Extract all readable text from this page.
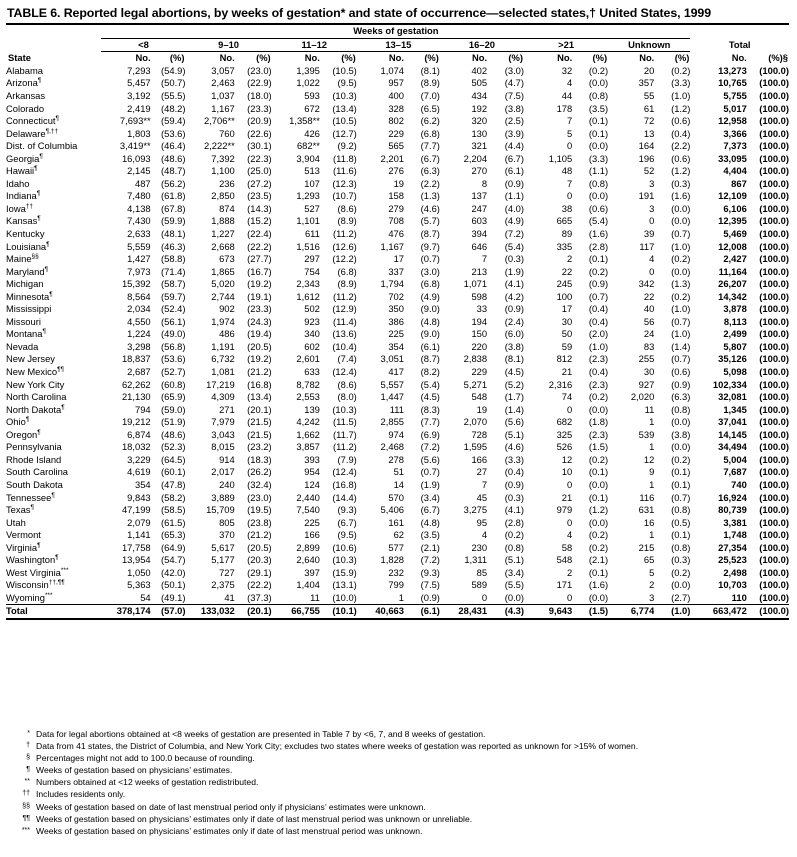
TABLE 6. Reported legal abortions, by weeks of gestation* and state of occurrence—selected states,† United States, 1999
	Weeks of gestation															
	<8		9–10		11–12		13–15		16–20		>21		Unknown		Total	
State	No.	(%)	No.	(%)	No.	(%)	No.	(%)	No.	(%)	No.	(%)	No.	(%)	No.	(%)§
Alabama	7,293	(54.9)	3,057	(23.0)	1,395	(10.5)	1,074	(8.1)	402	(3.0)	32	(0.2)	20	(0.2)	13,273	(100.0)
Arizona¶	5,457	(50.7)	2,463	(22.9)	1,022	(9.5)	957	(8.9)	505	(4.7)	4	(0.0)	357	(3.3)	10,765	(100.0)
Arkansas	3,192	(55.5)	1,037	(18.0)	593	(10.3)	400	(7.0)	434	(7.5)	44	(0.8)	55	(1.0)	5,755	(100.0)
Colorado	2,419	(48.2)	1,167	(23.3)	672	(13.4)	328	(6.5)	192	(3.8)	178	(3.5)	61	(1.2)	5,017	(100.0)
Connecticut¶	7,693**	(59.4)	2,706**	(20.9)	1,358**	(10.5)	802	(6.2)	320	(2.5)	7	(0.1)	72	(0.6)	12,958	(100.0)
Delaware¶,††	1,803	(53.6)	760	(22.6)	426	(12.7)	229	(6.8)	130	(3.9)	5	(0.1)	13	(0.4)	3,366	(100.0)
Dist. of Columbia	3,419**	(46.4)	2,222**	(30.1)	682**	(9.2)	565	(7.7)	321	(4.4)	0	(0.0)	164	(2.2)	7,373	(100.0)
Georgia¶	16,093	(48.6)	7,392	(22.3)	3,904	(11.8)	2,201	(6.7)	2,204	(6.7)	1,105	(3.3)	196	(0.6)	33,095	(100.0)
Hawaii¶	2,145	(48.7)	1,100	(25.0)	513	(11.6)	276	(6.3)	270	(6.1)	48	(1.1)	52	(1.2)	4,404	(100.0)
Idaho	487	(56.2)	236	(27.2)	107	(12.3)	19	(2.2)	8	(0.9)	7	(0.8)	3	(0.3)	867	(100.0)
Indiana¶	7,480	(61.8)	2,850	(23.5)	1,293	(10.7)	158	(1.3)	137	(1.1)	0	(0.0)	191	(1.6)	12,109	(100.0)
Iowa††	4,138	(67.8)	874	(14.3)	527	(8.6)	279	(4.6)	247	(4.0)	38	(0.6)	3	(0.0)	6,106	(100.0)
Kansas¶	7,430	(59.9)	1,888	(15.2)	1,101	(8.9)	708	(5.7)	603	(4.9)	665	(5.4)	0	(0.0)	12,395	(100.0)
Kentucky	2,633	(48.1)	1,227	(22.4)	611	(11.2)	476	(8.7)	394	(7.2)	89	(1.6)	39	(0.7)	5,469	(100.0)
Louisiana¶	5,559	(46.3)	2,668	(22.2)	1,516	(12.6)	1,167	(9.7)	646	(5.4)	335	(2.8)	117	(1.0)	12,008	(100.0)
Maine§§	1,427	(58.8)	673	(27.7)	297	(12.2)	17	(0.7)	7	(0.3)	2	(0.1)	4	(0.2)	2,427	(100.0)
Maryland¶	7,973	(71.4)	1,865	(16.7)	754	(6.8)	337	(3.0)	213	(1.9)	22	(0.2)	0	(0.0)	11,164	(100.0)
Michigan	15,392	(58.7)	5,020	(19.2)	2,343	(8.9)	1,794	(6.8)	1,071	(4.1)	245	(0.9)	342	(1.3)	26,207	(100.0)
Minnesota¶	8,564	(59.7)	2,744	(19.1)	1,612	(11.2)	702	(4.9)	598	(4.2)	100	(0.7)	22	(0.2)	14,342	(100.0)
Mississippi	2,034	(52.4)	902	(23.3)	502	(12.9)	350	(9.0)	33	(0.9)	17	(0.4)	40	(1.0)	3,878	(100.0)
Missouri	4,550	(56.1)	1,974	(24.3)	923	(11.4)	386	(4.8)	194	(2.4)	30	(0.4)	56	(0.7)	8,113	(100.0)
Montana¶	1,224	(49.0)	486	(19.4)	340	(13.6)	225	(9.0)	150	(6.0)	50	(2.0)	24	(1.0)	2,499	(100.0)
Nevada	3,298	(56.8)	1,191	(20.5)	602	(10.4)	354	(6.1)	220	(3.8)	59	(1.0)	83	(1.4)	5,807	(100.0)
New Jersey	18,837	(53.6)	6,732	(19.2)	2,601	(7.4)	3,051	(8.7)	2,838	(8.1)	812	(2.3)	255	(0.7)	35,126	(100.0)
New Mexico¶¶	2,687	(52.7)	1,081	(21.2)	633	(12.4)	417	(8.2)	229	(4.5)	21	(0.4)	30	(0.6)	5,098	(100.0)
New York City	62,262	(60.8)	17,219	(16.8)	8,782	(8.6)	5,557	(5.4)	5,271	(5.2)	2,316	(2.3)	927	(0.9)	102,334	(100.0)
North Carolina	21,130	(65.9)	4,309	(13.4)	2,553	(8.0)	1,447	(4.5)	548	(1.7)	74	(0.2)	2,020	(6.3)	32,081	(100.0)
North Dakota¶	794	(59.0)	271	(20.1)	139	(10.3)	111	(8.3)	19	(1.4)	0	(0.0)	11	(0.8)	1,345	(100.0)
Ohio¶	19,212	(51.9)	7,979	(21.5)	4,242	(11.5)	2,855	(7.7)	2,070	(5.6)	682	(1.8)	1	(0.0)	37,041	(100.0)
Oregon¶	6,874	(48.6)	3,043	(21.5)	1,662	(11.7)	974	(6.9)	728	(5.1)	325	(2.3)	539	(3.8)	14,145	(100.0)
Pennsylvania	18,032	(52.3)	8,015	(23.2)	3,857	(11.2)	2,468	(7.2)	1,595	(4.6)	526	(1.5)	1	(0.0)	34,494	(100.0)
Rhode Island	3,229	(64.5)	914	(18.3)	393	(7.9)	278	(5.6)	166	(3.3)	12	(0.2)	12	(0.2)	5,004	(100.0)
South Carolina	4,619	(60.1)	2,017	(26.2)	954	(12.4)	51	(0.7)	27	(0.4)	10	(0.1)	9	(0.1)	7,687	(100.0)
South Dakota	354	(47.8)	240	(32.4)	124	(16.8)	14	(1.9)	7	(0.9)	0	(0.0)	1	(0.1)	740	(100.0)
Tennessee¶	9,843	(58.2)	3,889	(23.0)	2,440	(14.4)	570	(3.4)	45	(0.3)	21	(0.1)	116	(0.7)	16,924	(100.0)
Texas¶	47,199	(58.5)	15,709	(19.5)	7,540	(9.3)	5,406	(6.7)	3,275	(4.1)	979	(1.2)	631	(0.8)	80,739	(100.0)
Utah	2,079	(61.5)	805	(23.8)	225	(6.7)	161	(4.8)	95	(2.8)	0	(0.0)	16	(0.5)	3,381	(100.0)
Vermont	1,141	(65.3)	370	(21.2)	166	(9.5)	62	(3.5)	4	(0.2)	4	(0.2)	1	(0.1)	1,748	(100.0)
Virginia¶	17,758	(64.9)	5,617	(20.5)	2,899	(10.6)	577	(2.1)	230	(0.8)	58	(0.2)	215	(0.8)	27,354	(100.0)
Washington¶	13,954	(54.7)	5,177	(20.3)	2,640	(10.3)	1,828	(7.2)	1,311	(5.1)	548	(2.1)	65	(0.3)	25,523	(100.0)
West Virginia***	1,050	(42.0)	727	(29.1)	397	(15.9)	232	(9.3)	85	(3.4)	2	(0.1)	5	(0.2)	2,498	(100.0)
Wisconsin††,¶¶	5,363	(50.1)	2,375	(22.2)	1,404	(13.1)	799	(7.5)	589	(5.5)	171	(1.6)	2	(0.0)	10,703	(100.0)
Wyoming***	54	(49.1)	41	(37.3)	11	(10.0)	1	(0.9)	0	(0.0)	0	(0.0)	3	(2.7)	110	(100.0)
Total	378,174	(57.0)	133,032	(20.1)	66,755	(10.1)	40,663	(6.1)	28,431	(4.3)	9,643	(1.5)	6,774	(1.0)	663,472	(100.0)
* Data for legal abortions obtained at <8 weeks of gestation are presented in Table 7 by <6, 7, and 8 weeks of gestation.
† Data from 41 states, the District of Columbia, and New York City; excludes two states where weeks of gestation was reported as unknown for >15% of women.
§ Percentages might not add to 100.0 because of rounding.
¶ Weeks of gestation based on physicians’ estimates.
** Numbers obtained at <12 weeks of gestation redistributed.
†† Includes residents only.
§§ Weeks of gestation based on date of last menstrual period only if physicians’ estimates were unknown.
¶¶ Weeks of gestation based on physicians’ estimates only if date of last menstrual period was unknown or unreliable.
*** Weeks of gestation based on physicians’ estimates only if date of last menstrual period was unknown.
